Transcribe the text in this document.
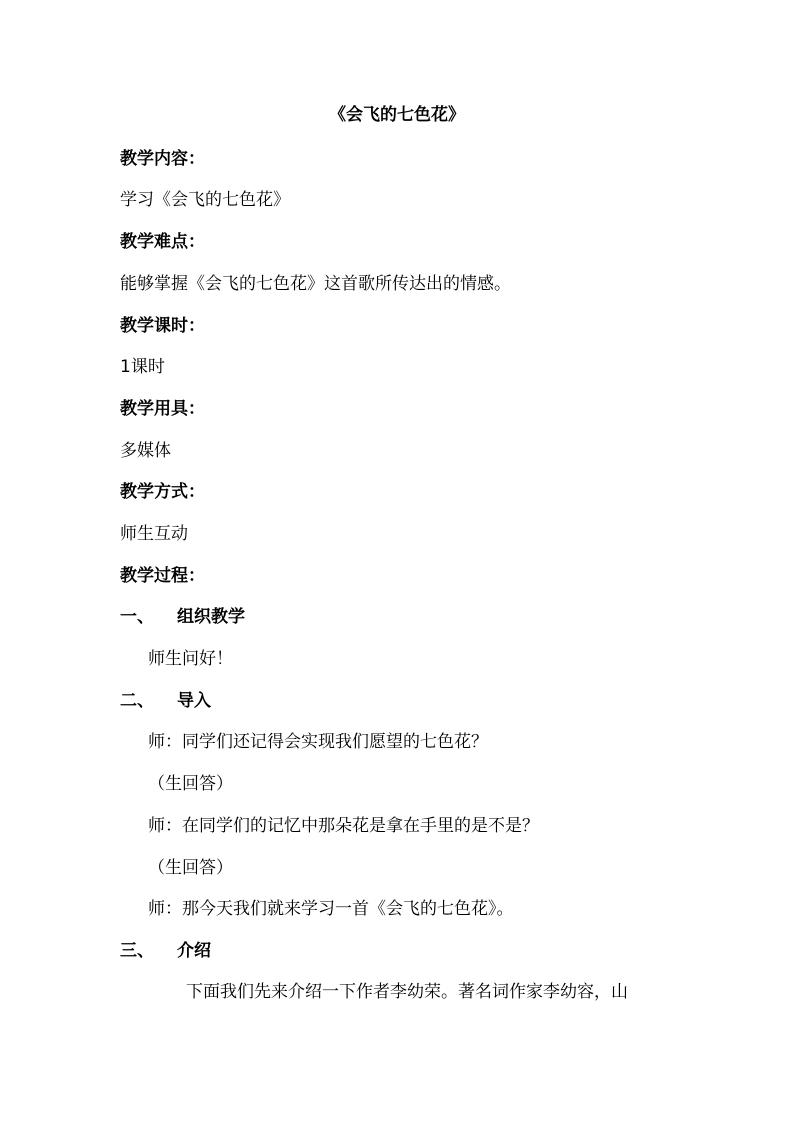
《会飞的七色花》
教学内容：
学习《会飞的七色花》
教学难点：
能够掌握《会飞的七色花》这首歌所传达出的情感。
教学课时：
1课时
教学用具：
多媒体
教学方式：
师生互动
教学过程：
一、 组织教学
师生问好！
二、 导入
师：同学们还记得会实现我们愿望的七色花？
（生回答）
师：在同学们的记忆中那朵花是拿在手里的是不是？
（生回答）
师：那今天我们就来学习一首《会飞的七色花》。
三、 介绍
下面我们先来介绍一下作者李幼荣。著名词作家李幼容，山
